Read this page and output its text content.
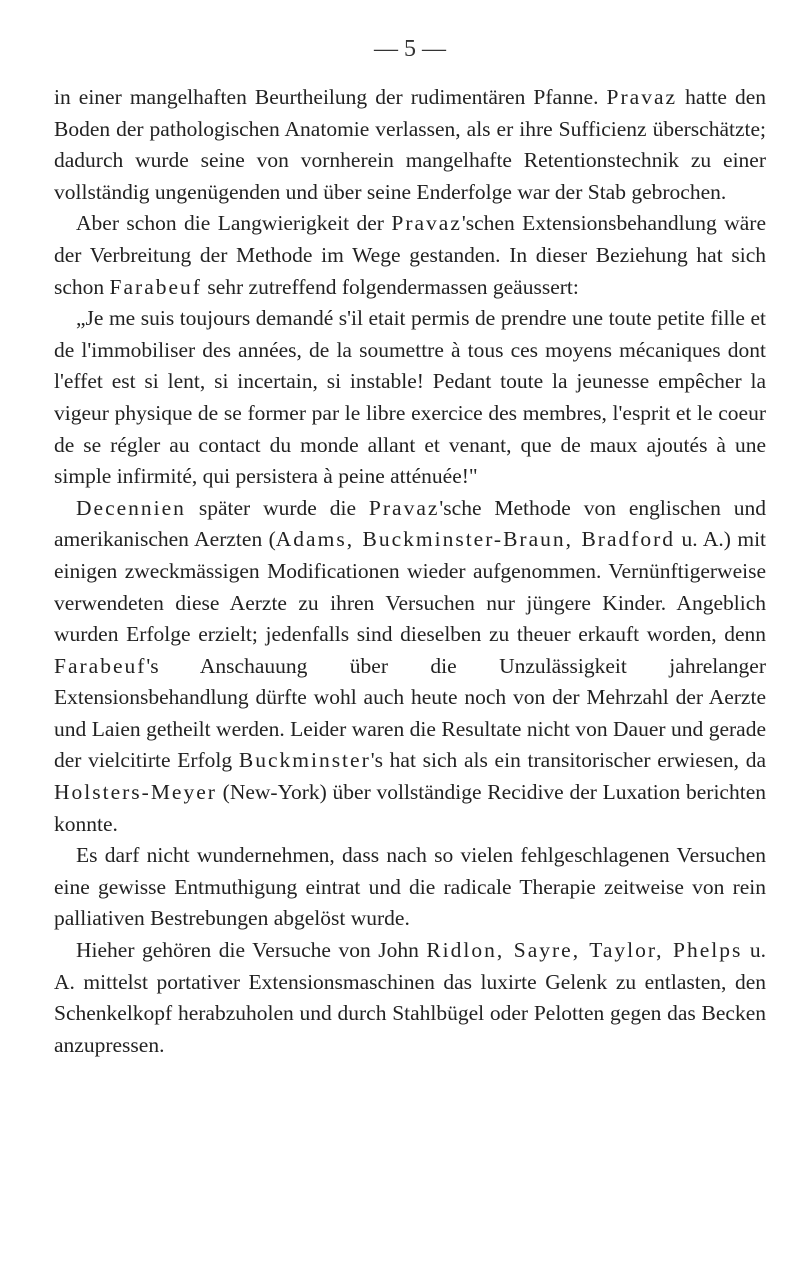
— 5 —

in einer mangelhaften Beurtheilung der rudimentären Pfanne. Pravaz hatte den Boden der pathologischen Anatomie verlassen, als er ihre Sufficienz überschätzte; dadurch wurde seine von vornherein mangelhafte Retentionstechnik zu einer vollständig ungenügenden und über seine Enderfolge war der Stab gebrochen.

Aber schon die Langwierigkeit der Pravaz'schen Extensionsbehandlung wäre der Verbreitung der Methode im Wege gestanden. In dieser Beziehung hat sich schon Farabeuf sehr zutreffend folgendermassen geäussert:

„Je me suis toujours demandé s'il etait permis de prendre une toute petite fille et de l'immobiliser des années, de la soumettre à tous ces moyens mécaniques dont l'effet est si lent, si incertain, si instable! Pedant toute la jeunesse empêcher la vigeur physique de se former par le libre exercice des membres, l'esprit et le coeur de se régler au contact du monde allant et venant, que de maux ajoutés à une simple infirmité, qui persistera à peine atténuée!"

Decennien später wurde die Pravaz'sche Methode von englischen und amerikanischen Aerzten (Adams, Buckminster-Braun, Bradford u. A.) mit einigen zweckmässigen Modificationen wieder aufgenommen. Vernünftigerweise verwendeten diese Aerzte zu ihren Versuchen nur jüngere Kinder. Angeblich wurden Erfolge erzielt; jedenfalls sind dieselben zu theuer erkauft worden, denn Farabeuf's Anschauung über die Unzulässigkeit jahrelanger Extensionsbehandlung dürfte wohl auch heute noch von der Mehrzahl der Aerzte und Laien getheilt werden. Leider waren die Resultate nicht von Dauer und gerade der vielcitirte Erfolg Buckminster's hat sich als ein transitorischer erwiesen, da Holsters-Meyer (New-York) über vollständige Recidive der Luxation berichten konnte.

Es darf nicht wundernehmen, dass nach so vielen fehlgeschlagenen Versuchen eine gewisse Entmuthigung eintrat und die radicale Therapie zeitweise von rein palliativen Bestrebungen abgelöst wurde.

Hieher gehören die Versuche von John Ridlon, Sayre, Taylor, Phelps u. A. mittelst portativer Extensionsmaschinen das luxirte Gelenk zu entlasten, den Schenkelkopf herabzuholen und durch Stahlbügel oder Pelotten gegen das Becken anzupressen.
